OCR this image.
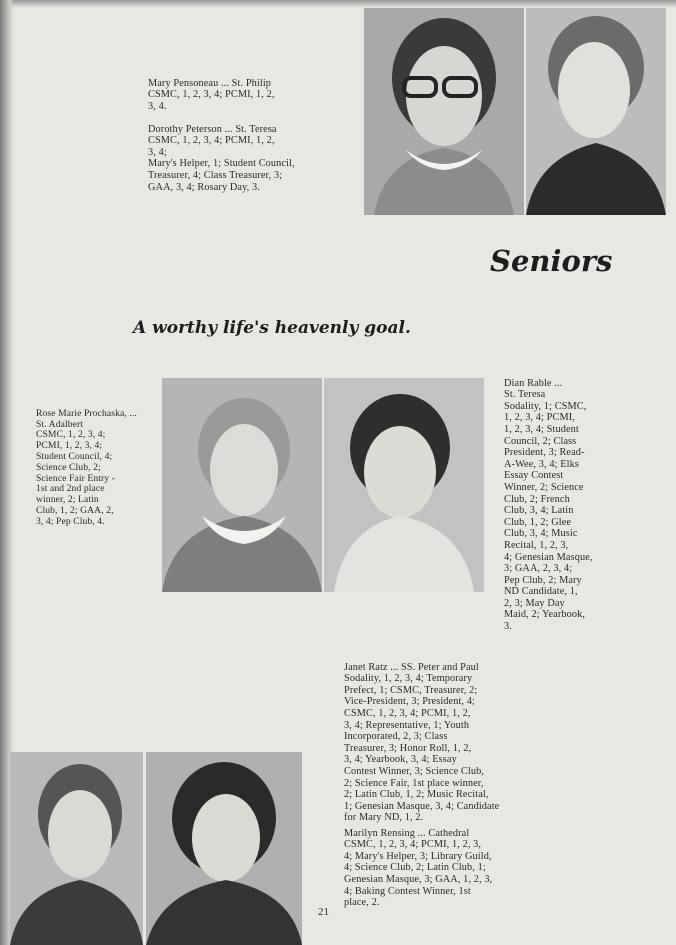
Seniors
A worthy life's heavenly goal.

Mary Pensoneau ... St. Philip
CSMC, 1, 2, 3, 4; PCMI, 1, 2,
3, 4.

Dorothy Peterson ... St. Teresa
CSMC, 1, 2, 3, 4; PCMI, 1, 2,
3, 4;
Mary's Helper, 1; Student Council,
Treasurer, 4; Class Treasurer, 3;
GAA, 3, 4; Rosary Day, 3.

Rose Marie Prochaska, ...
St. Adalbert
CSMC, 1, 2, 3, 4;
PCMI, 1, 2, 3, 4;
Student Council, 4;
Science Club, 2;
Science Fair Entry -
1st and 2nd place
winner, 2; Latin
Club, 1, 2; GAA, 2,
3, 4; Pep Club, 4.

Dian Rable ...
St. Teresa
Sodality, 1; CSMC,
1, 2, 3, 4; PCMI,
1, 2, 3, 4; Student
Council, 2; Class
President, 3; Read-
A-Wee, 3, 4; Elks
Essay Contest
Winner, 2; Science
Club, 2; French
Club, 3, 4; Latin
Club, 1, 2; Glee
Club, 3, 4; Music
Recital, 1, 2, 3,
4; Genesian Masque,
3; GAA, 2, 3, 4;
Pep Club, 2; Mary
ND Candidate, 1,
2, 3; May Day
Maid, 2; Yearbook,
3.

Janet Ratz ... SS. Peter and Paul
Sodality, 1, 2, 3, 4; Temporary
Prefect, 1; CSMC, Treasurer, 2;
Vice-President, 3; President, 4;
CSMC, 1, 2, 3, 4; PCMI, 1, 2,
3, 4; Representative, 1; Youth
Incorporated, 2, 3; Class
Treasurer, 3; Honor Roll, 1, 2,
3, 4; Yearbook, 3, 4; Essay
Contest Winner, 3; Science Club,
2; Science Fair, 1st place winner,
2; Latin Club, 1, 2; Music Recital,
1; Genesian Masque, 3, 4; Candidate
for Mary ND, 1, 2.

Marilyn Rensing ... Cathedral
CSMC, 1, 2, 3, 4; PCMI, 1, 2, 3,
4; Mary's Helper, 3; Library Guild,
4; Science Club, 2; Latin Club, 1;
Genesian Masque, 3; GAA, 1, 2, 3,
4; Baking Contest Winner, 1st
place, 2.

21
